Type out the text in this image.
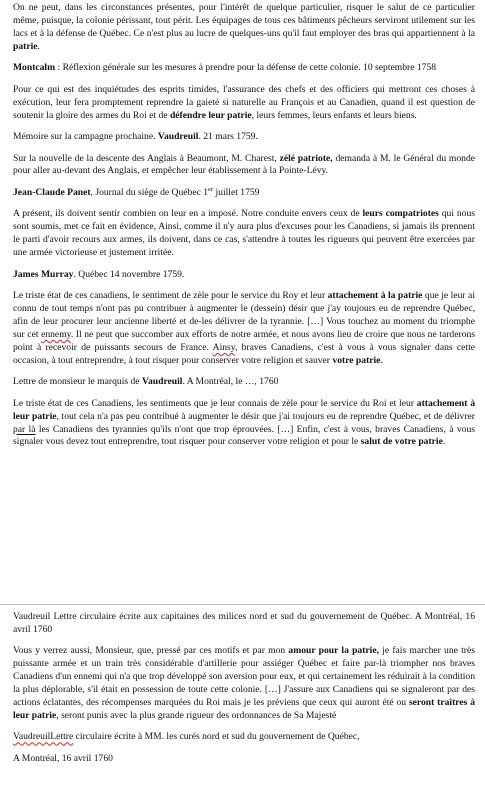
On ne peut, dans les circonstances présentes, pour l'intérêt de quelque particulier, risquer le salut de ce particulier même, puisque, la colonie périssant, tout périt. Les équipages de tous ces bâtiments pêcheurs serviront utilement sur les lacs et à la défense de Québec. Ce n'est plus au lucre de quelques-uns qu'il faut employer des bras qui appartiennent à la patrie.

Montcalm : Réflexion générale sur les mesures à prendre pour la défense de cette colonie. 10 septembre 1758

Pour ce qui est des inquiétudes des esprits timides, l'assurance des chefs et des officiers qui mettront ces choses à exécution, leur fera promptement reprendre la gaieté si naturelle au François et au Canadien, quand il est question de soutenir la gloire des armes du Roi et de défendre leur patrie, leurs femmes, leurs enfants et leurs biens.

Mémoire sur la campagne prochaine. Vaudreuil. 21 mars 1759.

Sur la nouvelle de la descente des Anglais à Beaumont, M. Charest, zélé patriote, demanda à M. le Général du monde pour aller au-devant des Anglais, et empêcher leur établissement à la Pointe-Lévy.

Jean-Claude Panet, Journal du siège de Québec 1er juillet 1759

A présent, ils doivent sentir combien on leur en a imposé. Notre conduite envers ceux de leurs compatriotes qui nous sont soumis, met ce fait en évidence, Ainsi, comme il n'y aura plus d'excuses pour les Canadiens, si jamais ils prennent le parti d'avoir recours aux armes, ils doivent, dans ce cas, s'attendre à toutes les rigueurs qui peuvent être exercées par une armée victorieuse et justement irritée.

James Murray. Québec 14 novembre 1759.

Le triste état de ces canadiens, le sentiment de zèle pour le service du Roy et leur attachement à la patrie que je leur ai connu de tout temps n'ont pas pu contribuer à augmenter le (dessein) désir que j'ay toujours eu de reprendre Québec, afin de leur procurer leur ancienne liberté et de-les délivrer de la tyrannie. […] Vous touchez au moment du triomphe sur cet ennemy. Il ne peut que succomber aux efforts de notre armée, et nous avons lieu de croire que nous ne tarderons point à recevoir de puissants secours de France. Ainsy, braves Canadiens, c'est à vous à vous signaler dans cette occasion, à tout entreprendre, à tout risquer pour conserver votre religion et sauver votre patrie.

Lettre de monsieur le marquis de Vaudreuil. A Montréal, le …, 1760

Le triste état de ces Canadiens, les sentiments que je leur connais de zèle pour le service du Roi et leur attachement à leur patrie, tout cela n'a pas peu contribué à augmenter le désir que j'ai toujours eu de reprendre Québec, et de délivrer par là les Canadiens des tyrannies qu'ils n'ont que trop éprouvées. […] Enfin, c'est à vous, braves Canadiens, à vous signaler vous devez tout entreprendre, tout risquer pour conserver votre religion et pour le salut de votre patrie.

Vaudreuil Lettre circulaire écrite aux capitaines des milices nord et sud du gouvernement de Québec. A Montréal, 16 avril 1760

Vous y verrez aussi, Monsieur, que, pressé par ces motifs et par mon amour pour la patrie, je fais marcher une très puissante armée et un train très considérable d'artillerie pour assiéger Québec et faire par-là triompher nos braves Canadiens d'un ennemi qui n'a que trop développé son aversion pour eux, et qui certainement les réduirait à la condition la plus déplorable, s'il était en possession de toute cette colonie. […] J'assure aux Canadiens qui se signaleront par des actions éclatantes, des récompenses marquées du Roi mais je les préviens que ceux qui auront été ou seront traîtres à leur patrie, seront punis avec la plus grande rigueur des ordonnances de Sa Majesté

VaudreuilLettre circulaire écrite à MM. les curés nord et sud du gouvernement de Québec,

A Montréal, 16 avril 1760
